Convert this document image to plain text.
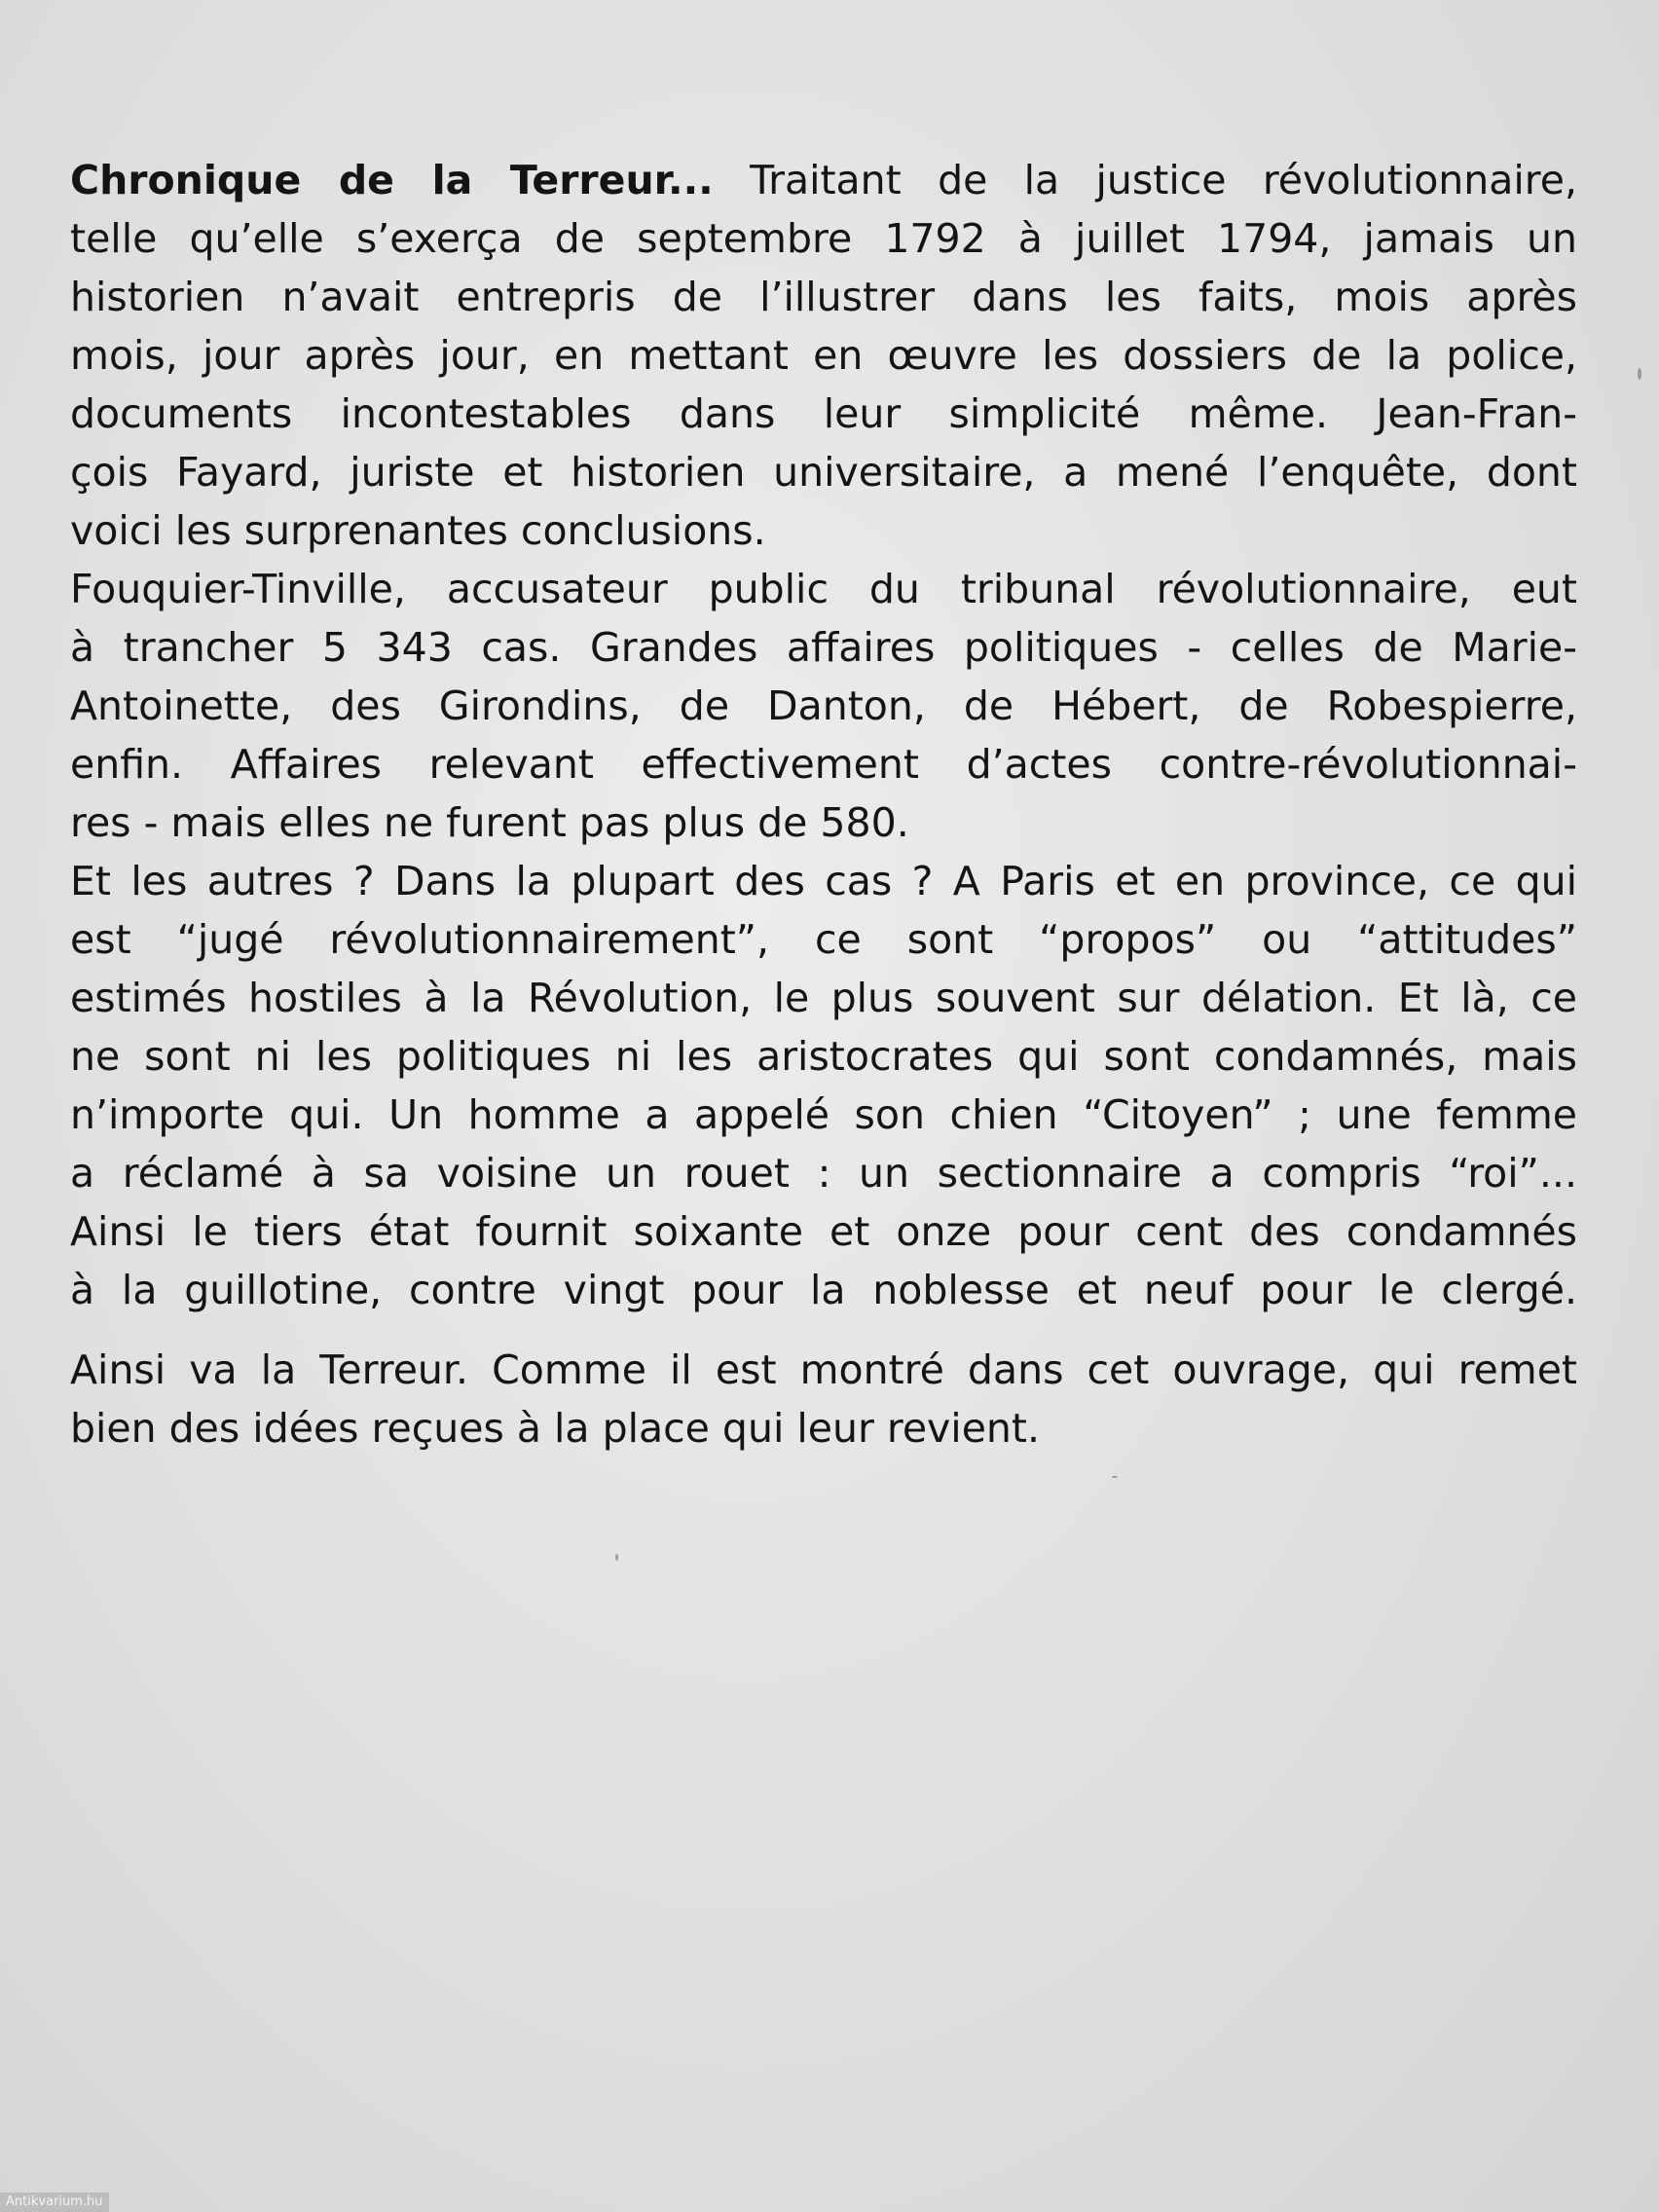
Chronique de la Terreur... Traitant de la justice révolutionnaire,
telle qu’elle s’exerça de septembre 1792 à juillet 1794, jamais un
historien n’avait entrepris de l’illustrer dans les faits, mois après
mois, jour après jour, en mettant en œuvre les dossiers de la police,
documents incontestables dans leur simplicité même. Jean-Fran-
çois Fayard, juriste et historien universitaire, a mené l’enquête, dont
voici les surprenantes conclusions.
Fouquier-Tinville, accusateur public du tribunal révolutionnaire, eut
à trancher 5 343 cas. Grandes affaires politiques - celles de Marie-
Antoinette, des Girondins, de Danton, de Hébert, de Robespierre,
enfin. Affaires relevant effectivement d’actes contre-révolutionnai-
res - mais elles ne furent pas plus de 580.
Et les autres ? Dans la plupart des cas ? A Paris et en province, ce qui
est “jugé révolutionnairement”, ce sont “propos” ou “attitudes”
estimés hostiles à la Révolution, le plus souvent sur délation. Et là, ce
ne sont ni les politiques ni les aristocrates qui sont condamnés, mais
n’importe qui. Un homme a appelé son chien “Citoyen” ; une femme
a réclamé à sa voisine un rouet : un sectionnaire a compris “roi”...
Ainsi le tiers état fournit soixante et onze pour cent des condamnés
à la guillotine, contre vingt pour la noblesse et neuf pour le clergé.
Ainsi va la Terreur. Comme il est montré dans cet ouvrage, qui remet
bien des idées reçues à la place qui leur revient.
Antikvarium.hu
